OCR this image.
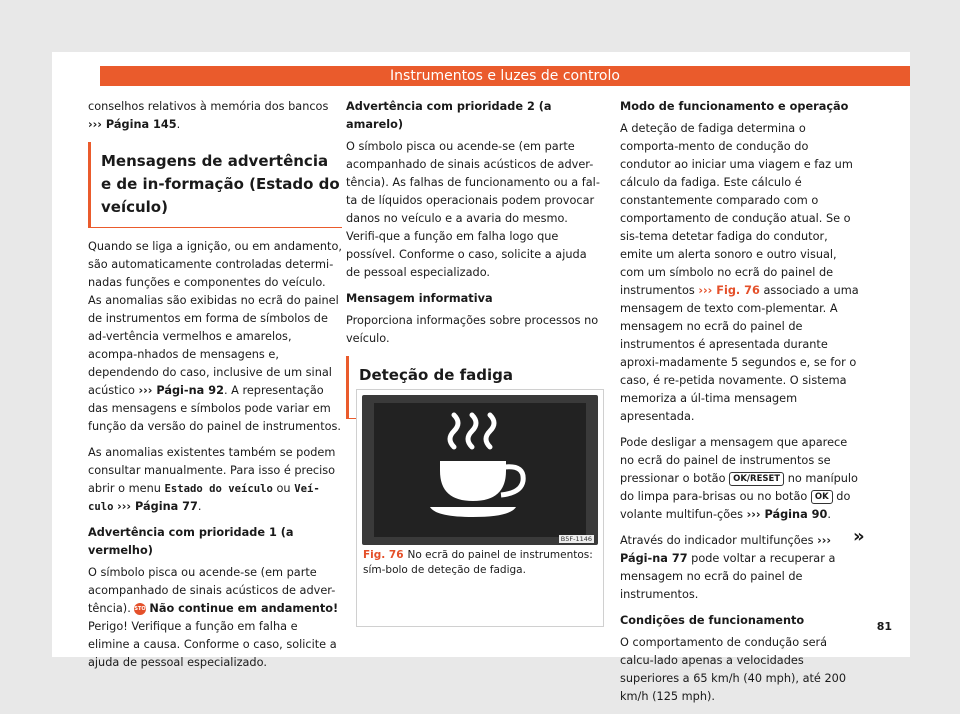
Instrumentos e luzes de controlo

conselhos relativos à memória dos bancos
››› Página 145.

Mensagens de advertência e de in-formação (Estado do veículo)

Quando se liga a ignição, ou em andamento, são automaticamente controladas determi-nadas funções e componentes do veículo. As anomalias são exibidas no ecrã do painel de instrumentos em forma de símbolos de ad-vertência vermelhos e amarelos, acompa-nhados de mensagens e, dependendo do caso, inclusive de um sinal acústico ››› Pági-na 92. A representação das mensagens e símbolos pode variar em função da versão do painel de instrumentos.

As anomalias existentes também se podem consultar manualmente. Para isso é preciso abrir o menu Estado do veículo ou Veí-culo ››› Página 77.

Advertência com prioridade 1 (a vermelho)

O símbolo pisca ou acende-se (em parte acompanhado de sinais acústicos de adver-tência). STOPNão continue em andamento! Perigo! Verifique a função em falha e elimine a causa. Conforme o caso, solicite a ajuda de pessoal especializado.

Advertência com prioridade 2 (a amarelo)

O símbolo pisca ou acende-se (em parte acompanhado de sinais acústicos de adver-tência). As falhas de funcionamento ou a fal-ta de líquidos operacionais podem provocar danos no veículo e a avaria do mesmo. Verifi-que a função em falha logo que possível. Conforme o caso, solicite a ajuda de pessoal especializado.

Mensagem informativa

Proporciona informações sobre processos no veículo.

Deteção de fadiga
B5F-1146
Fig. 76 No ecrã do painel de instrumentos: sím-bolo de deteção de fadiga.
Modo de funcionamento e operação

A deteção de fadiga determina o comporta-mento de condução do condutor ao iniciar uma viagem e faz um cálculo da fadiga. Este cálculo é constantemente comparado com o comportamento de condução atual. Se o sis-tema detetar fadiga do condutor, emite um alerta sonoro e outro visual, com um símbolo no ecrã do painel de instrumentos ››› Fig. 76 associado a uma mensagem de texto com-plementar. A mensagem no ecrã do painel de instrumentos é apresentada durante aproxi-madamente 5 segundos e, se for o caso, é re-petida novamente. O sistema memoriza a úl-tima mensagem apresentada.

Pode desligar a mensagem que aparece no ecrã do painel de instrumentos se pressionar o botão OK/RESET no manípulo do limpa para-brisas ou no botão OK do volante multifun-ções ››› Página 90.

Através do indicador multifunções ››› Pági-na 77 pode voltar a recuperar a mensagem no ecrã do painel de instrumentos.

Condições de funcionamento

O comportamento de condução será calcu-lado apenas a velocidades superiores a 65 km/h (40 mph), até 200 km/h (125 mph).

»
81
